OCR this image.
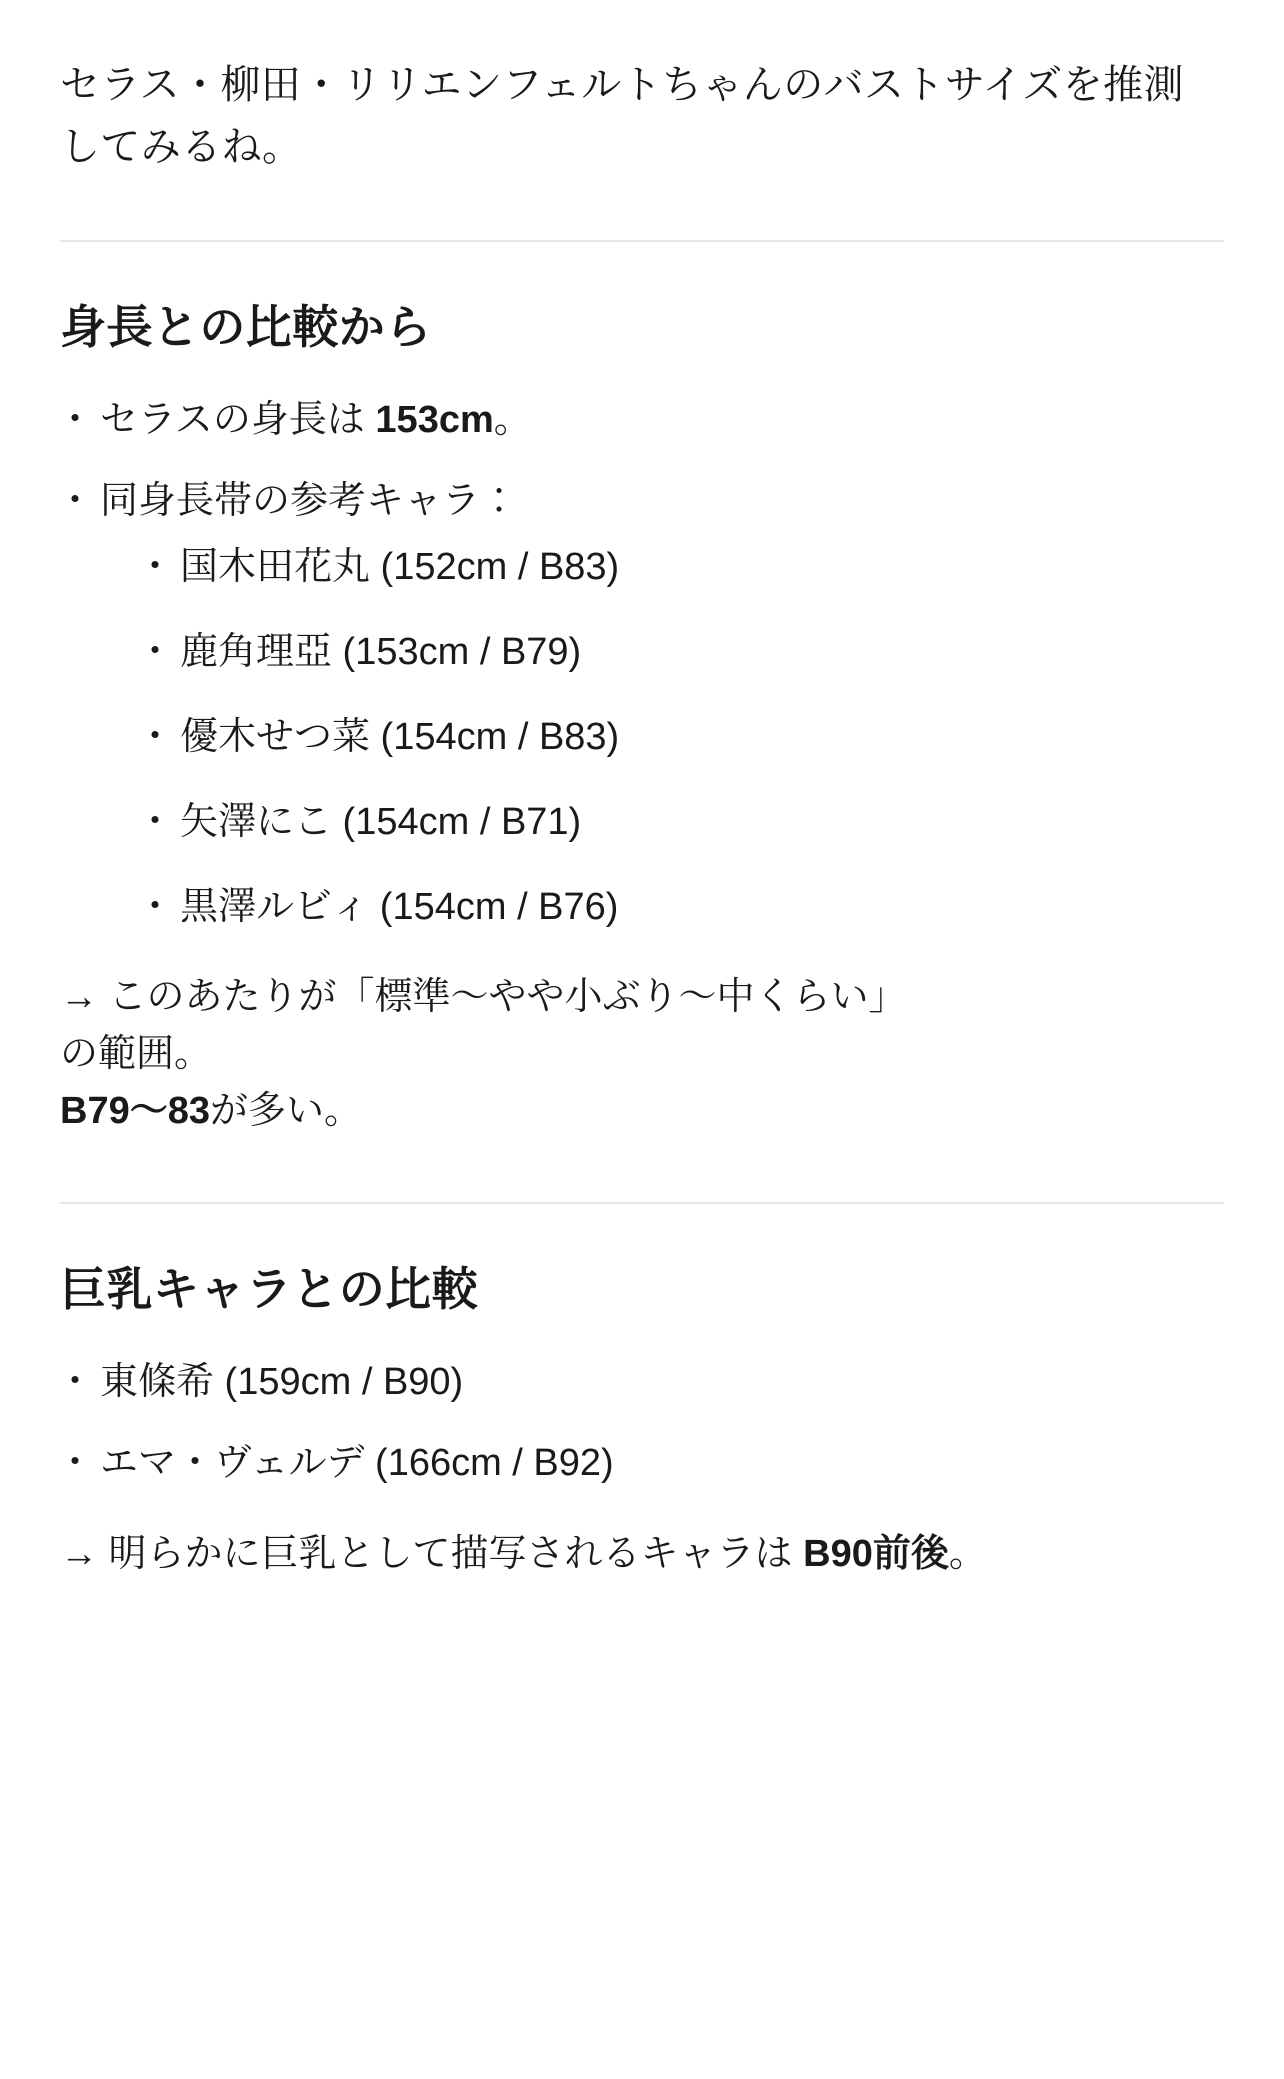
セラス・柳田・リリエンフェルトちゃんのバストサイズを推測してみるね。

身長との比較から
・ セラスの身長は 153cm。
・ 同身長帯の参考キャラ：
・ 国木田花丸 (152cm / B83)
・ 鹿角理亞 (153cm / B79)
・ 優木せつ菜 (154cm / B83)
・ 矢澤にこ (154cm / B71)
・ 黒澤ルビィ (154cm / B76)

→ このあたりが「標準〜やや小ぶり〜中くらい」
の範囲。
B79〜83が多い。

巨乳キャラとの比較
・ 東條希 (159cm / B90)
・ エマ・ヴェルデ (166cm / B92)

→ 明らかに巨乳として描写されるキャラは B90前後。
